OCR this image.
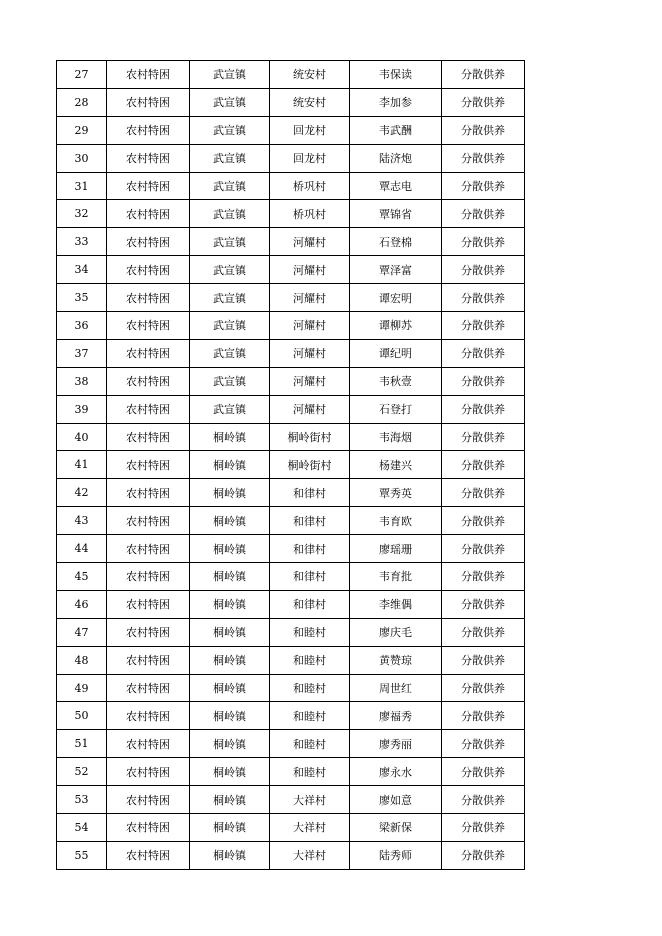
27	农村特困	武宣镇	统安村	韦保读	分散供养
28	农村特困	武宣镇	统安村	李加参	分散供养
29	农村特困	武宣镇	回龙村	韦武酬	分散供养
30	农村特困	武宣镇	回龙村	陆济炮	分散供养
31	农村特困	武宣镇	桥巩村	覃志电	分散供养
32	农村特困	武宣镇	桥巩村	覃锦省	分散供养
33	农村特困	武宣镇	河耀村	石登棉	分散供养
34	农村特困	武宣镇	河耀村	覃泽富	分散供养
35	农村特困	武宣镇	河耀村	谭宏明	分散供养
36	农村特困	武宣镇	河耀村	谭柳苏	分散供养
37	农村特困	武宣镇	河耀村	谭纪明	分散供养
38	农村特困	武宣镇	河耀村	韦秋壹	分散供养
39	农村特困	武宣镇	河耀村	石登打	分散供养
40	农村特困	桐岭镇	桐岭街村	韦海烟	分散供养
41	农村特困	桐岭镇	桐岭街村	杨建兴	分散供养
42	农村特困	桐岭镇	和律村	覃秀英	分散供养
43	农村特困	桐岭镇	和律村	韦育欧	分散供养
44	农村特困	桐岭镇	和律村	廖瑶珊	分散供养
45	农村特困	桐岭镇	和律村	韦育批	分散供养
46	农村特困	桐岭镇	和律村	李维偶	分散供养
47	农村特困	桐岭镇	和睦村	廖庆毛	分散供养
48	农村特困	桐岭镇	和睦村	黄赞琼	分散供养
49	农村特困	桐岭镇	和睦村	周世红	分散供养
50	农村特困	桐岭镇	和睦村	廖福秀	分散供养
51	农村特困	桐岭镇	和睦村	廖秀丽	分散供养
52	农村特困	桐岭镇	和睦村	廖永水	分散供养
53	农村特困	桐岭镇	大祥村	廖如意	分散供养
54	农村特困	桐岭镇	大祥村	梁新保	分散供养
55	农村特困	桐岭镇	大祥村	陆秀师	分散供养
